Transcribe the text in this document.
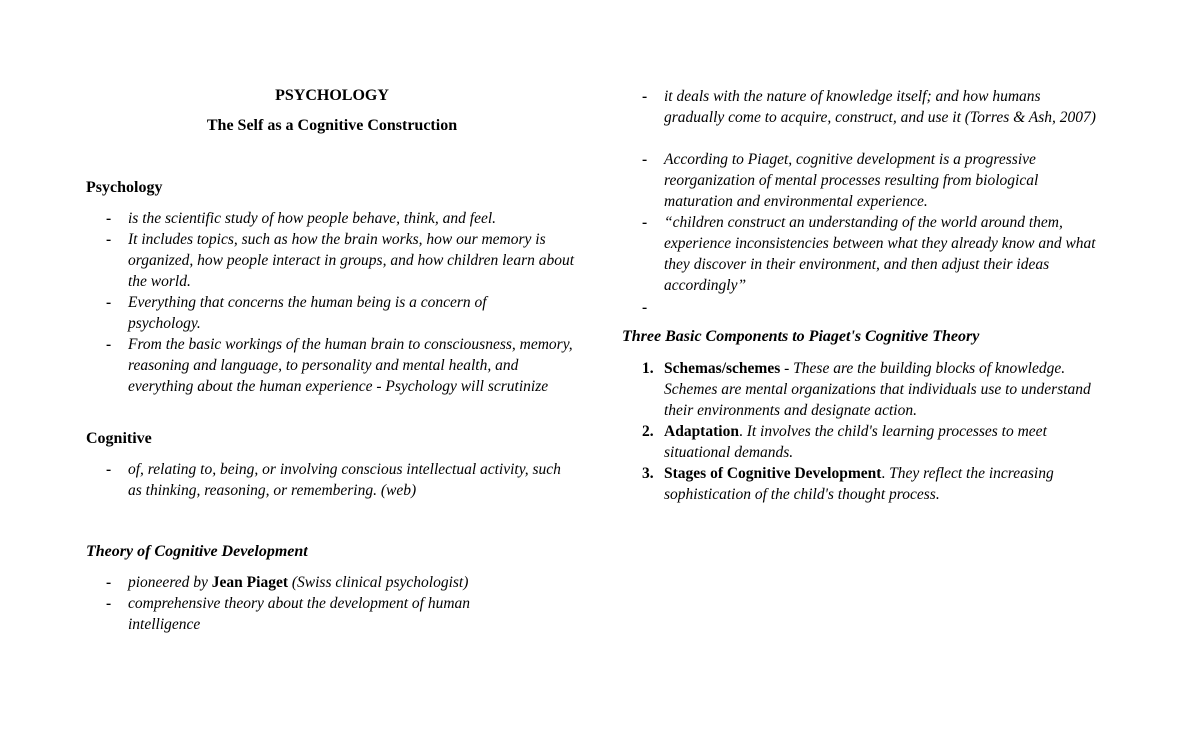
PSYCHOLOGY
The Self as a Cognitive Construction
Psychology
- is the scientific study of how people behave, think, and feel.
- It includes topics, such as how the brain works, how our memory is organized, how people interact in groups, and how children learn about the world.
- Everything that concerns the human being is a concern of psychology.
- From the basic workings of the human brain to consciousness, memory, reasoning and language, to personality and mental health, and everything about the human experience - Psychology will scrutinize
Cognitive
- of, relating to, being, or involving conscious intellectual activity, such as thinking, reasoning, or remembering. (web)
Theory of Cognitive Development
- pioneered by Jean Piaget (Swiss clinical psychologist)
- comprehensive theory about the development of human intelligence
- it deals with the nature of knowledge itself; and how humans gradually come to acquire, construct, and use it (Torres & Ash, 2007)
- According to Piaget, cognitive development is a progressive reorganization of mental processes resulting from biological maturation and environmental experience.
- “children construct an understanding of the world around them, experience inconsistencies between what they already know and what they discover in their environment, and then adjust their ideas accordingly”
-
Three Basic Components to Piaget's Cognitive Theory
1. Schemas/schemes - These are the building blocks of knowledge. Schemes are mental organizations that individuals use to understand their environments and designate action.
2. Adaptation. It involves the child's learning processes to meet situational demands.
3. Stages of Cognitive Development. They reflect the increasing sophistication of the child's thought process.
